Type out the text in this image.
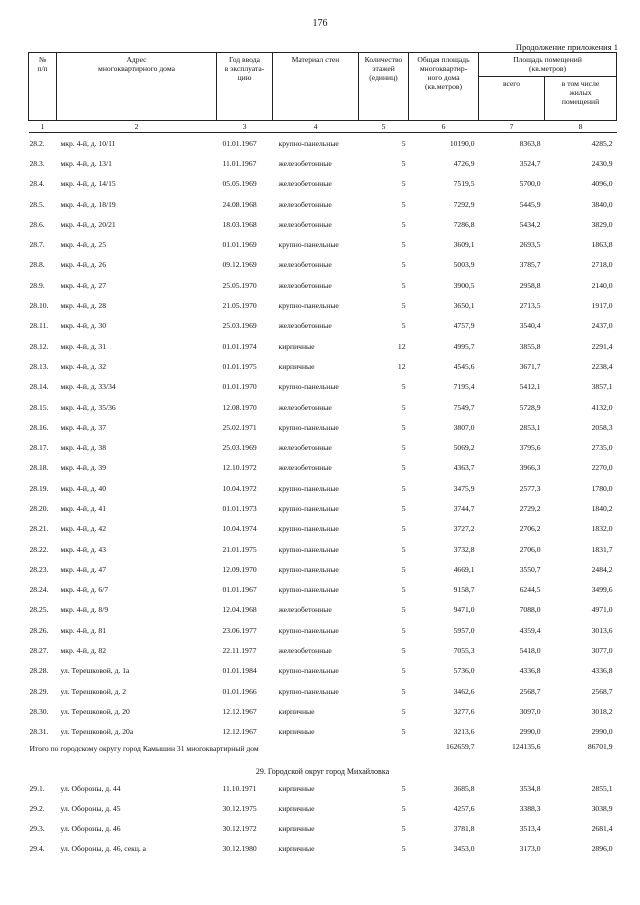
176
Продолжение приложения 1
№
п/п	Адрес
многоквартирного дома	Год ввода
в эксплуата-
цию	Материал стен	Количество
этажей
(единиц)	Общая площадь
многоквартир-
ного дома
(кв.метров)	Площадь помещений
(кв.метров)	
						всего	в том числе
жилых
помещений
1	2	3	4	5	6	7	8
28.2.	мкр. 4-й, д. 10/11	01.01.1967	крупно-панельные	5	10190,0	8363,8	4285,2
28.3.	мкр. 4-й, д. 13/1	11.01.1967	железобетонные	5	4726,9	3524,7	2430,9
28.4.	мкр. 4-й, д. 14/15	05.05.1969	железобетонные	5	7519,5	5700,0	4096,0
28.5.	мкр. 4-й, д. 18/19	24.08.1968	железобетонные	5	7292,9	5445,9	3840,0
28.6.	мкр. 4-й, д. 20/21	18.03.1968	железобетонные	5	7286,8	5434,2	3829,0
28.7.	мкр. 4-й, д. 25	01.01.1969	крупно-панельные	5	3609,1	2693,5	1863,8
28.8.	мкр. 4-й, д. 26	09.12.1969	железобетонные	5	5003,9	3785,7	2718,0
28.9.	мкр. 4-й, д. 27	25.05.1970	железобетонные	5	3900,5	2958,8	2140,0
28.10.	мкр. 4-й, д. 28	21.05.1970	крупно-панельные	5	3650,1	2713,5	1917,0
28.11.	мкр. 4-й, д. 30	25.03.1969	железобетонные	5	4757,9	3540,4	2437,0
28.12.	мкр. 4-й, д. 31	01.01.1974	кирпичные	12	4995,7	3855,8	2291,4
28.13.	мкр. 4-й, д. 32	01.01.1975	кирпичные	12	4545,6	3671,7	2238,4
28.14.	мкр. 4-й, д. 33/34	01.01.1970	крупно-панельные	5	7195,4	5412,1	3857,1
28.15.	мкр. 4-й, д. 35/36	12.08.1970	железобетонные	5	7549,7	5728,9	4132,0
28.16.	мкр. 4-й, д. 37	25.02.1971	крупно-панельные	5	3807,0	2853,1	2058,3
28.17.	мкр. 4-й, д. 38	25.03.1969	железобетонные	5	5069,2	3795,6	2735,0
28.18.	мкр. 4-й, д. 39	12.10.1972	железобетонные	5	4363,7	3966,3	2270,0
28.19.	мкр. 4-й, д. 40	10.04.1972	крупно-панельные	5	3475,9	2577,3	1780,0
28.20.	мкр. 4-й, д. 41	01.01.1973	крупно-панельные	5	3744,7	2729,2	1840,2
28.21.	мкр. 4-й, д. 42	10.04.1974	крупно-панельные	5	3727,2	2706,2	1832,0
28.22.	мкр. 4-й, д. 43	21.01.1975	крупно-панельные	5	3732,8	2706,0	1831,7
28.23.	мкр. 4-й, д. 47	12.09.1970	крупно-панельные	5	4669,1	3550,7	2484,2
28.24.	мкр. 4-й, д. 6/7	01.01.1967	крупно-панельные	5	9158,7	6244,5	3499,6
28.25.	мкр. 4-й, д. 8/9	12.04.1968	железобетонные	5	9471,0	7088,0	4971,0
28.26.	мкр. 4-й, д. 81	23.06.1977	крупно-панельные	5	5957,0	4359,4	3013,6
28.27.	мкр. 4-й, д. 82	22.11.1977	железобетонные	5	7055,3	5418,0	3077,0
28.28.	ул. Терешковой, д. 1а	01.01.1984	крупно-панельные	5	5736,0	4336,8	4336,8
28.29.	ул. Терешковой, д. 2	01.01.1966	крупно-панельные	5	3462,6	2568,7	2568,7
28.30.	ул. Терешковой, д. 20	12.12.1967	кирпичные	5	3277,6	3097,0	3018,2
28.31.	ул. Терешковой, д. 20а	12.12.1967	кирпичные	5	3213,6	2990,0	2990,0
Итого по городскому округу город Камышин 31 многоквартирный дом					162659,7	124135,6	86701,9
29. Городской округ город Михайловка							
29.1.	ул. Обороны, д. 44	11.10.1971	кирпичные	5	3685,8	3534,8	2855,1
29.2.	ул. Обороны, д. 45	30.12.1975	кирпичные	5	4257,6	3388,3	3038,9
29.3.	ул. Обороны, д. 46	30.12.1972	кирпичные	5	3781,8	3513,4	2681,4
29.4.	ул. Обороны, д. 46, секц. а	30.12.1980	кирпичные	5	3453,0	3173,0	2896,0
